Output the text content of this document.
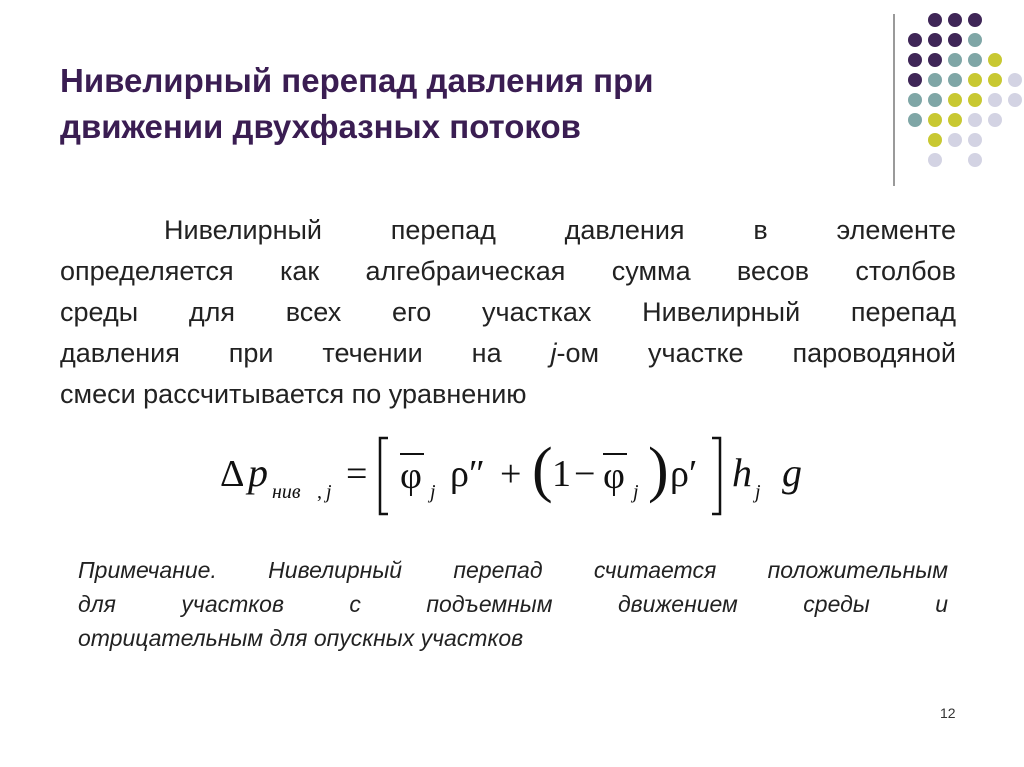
Нивелирный перепад давления при
движении двухфазных потоков
Нивелирный перепад давления в элементе
определяется как алгебраическая сумма весов столбов
среды для всех его участках Нивелирный перепад
давления при течении на j-ом участке пароводяной
смеси рассчитывается по уравнению
Δ p нив , j = φ j ρ″ + ( 1 − φ j ) ρ′ h j g
Примечание. Нивелирный перепад считается положительным
для участков с подъемным движением среды и
отрицательным для опускных участков
12
